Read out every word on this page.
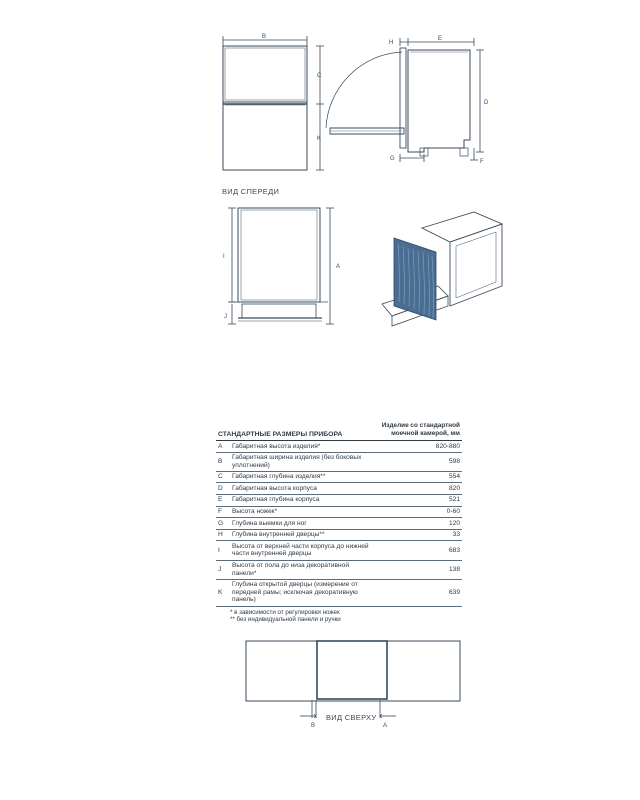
B
C
K
H
E
D
G	F
ВИД СПЕРЕДИ
I
J
A
ВИД СВЕРХУ
B	A
СТАНДАРТНЫЕ РАЗМЕРЫ ПРИБОРА		Изделие со стандартной моечной камерой, мм
A	Габаритная высота изделия*	820-880
B	Габаритная ширина изделия (без боковых уплотнений)	598
C	Габаритная глубина изделия**	554
D	Габаритная высота корпуса	820
E	Габаритная глубина корпуса	521
F	Высота ножек*	0-60
G	Глубина выемки для ног	120
H	Глубина внутренней дверцы**	33
I	Высота от верхней части корпуса до нижней части внутренней дверцы	683
J	Высота от пола до низа декоративной панели*	138
K	Глубина открытой дверцы (измерение от передней рамы; исключая декоративную панель)	639
* в зависимости от регулировки ножек
** без индивидуальной панели и ручки
